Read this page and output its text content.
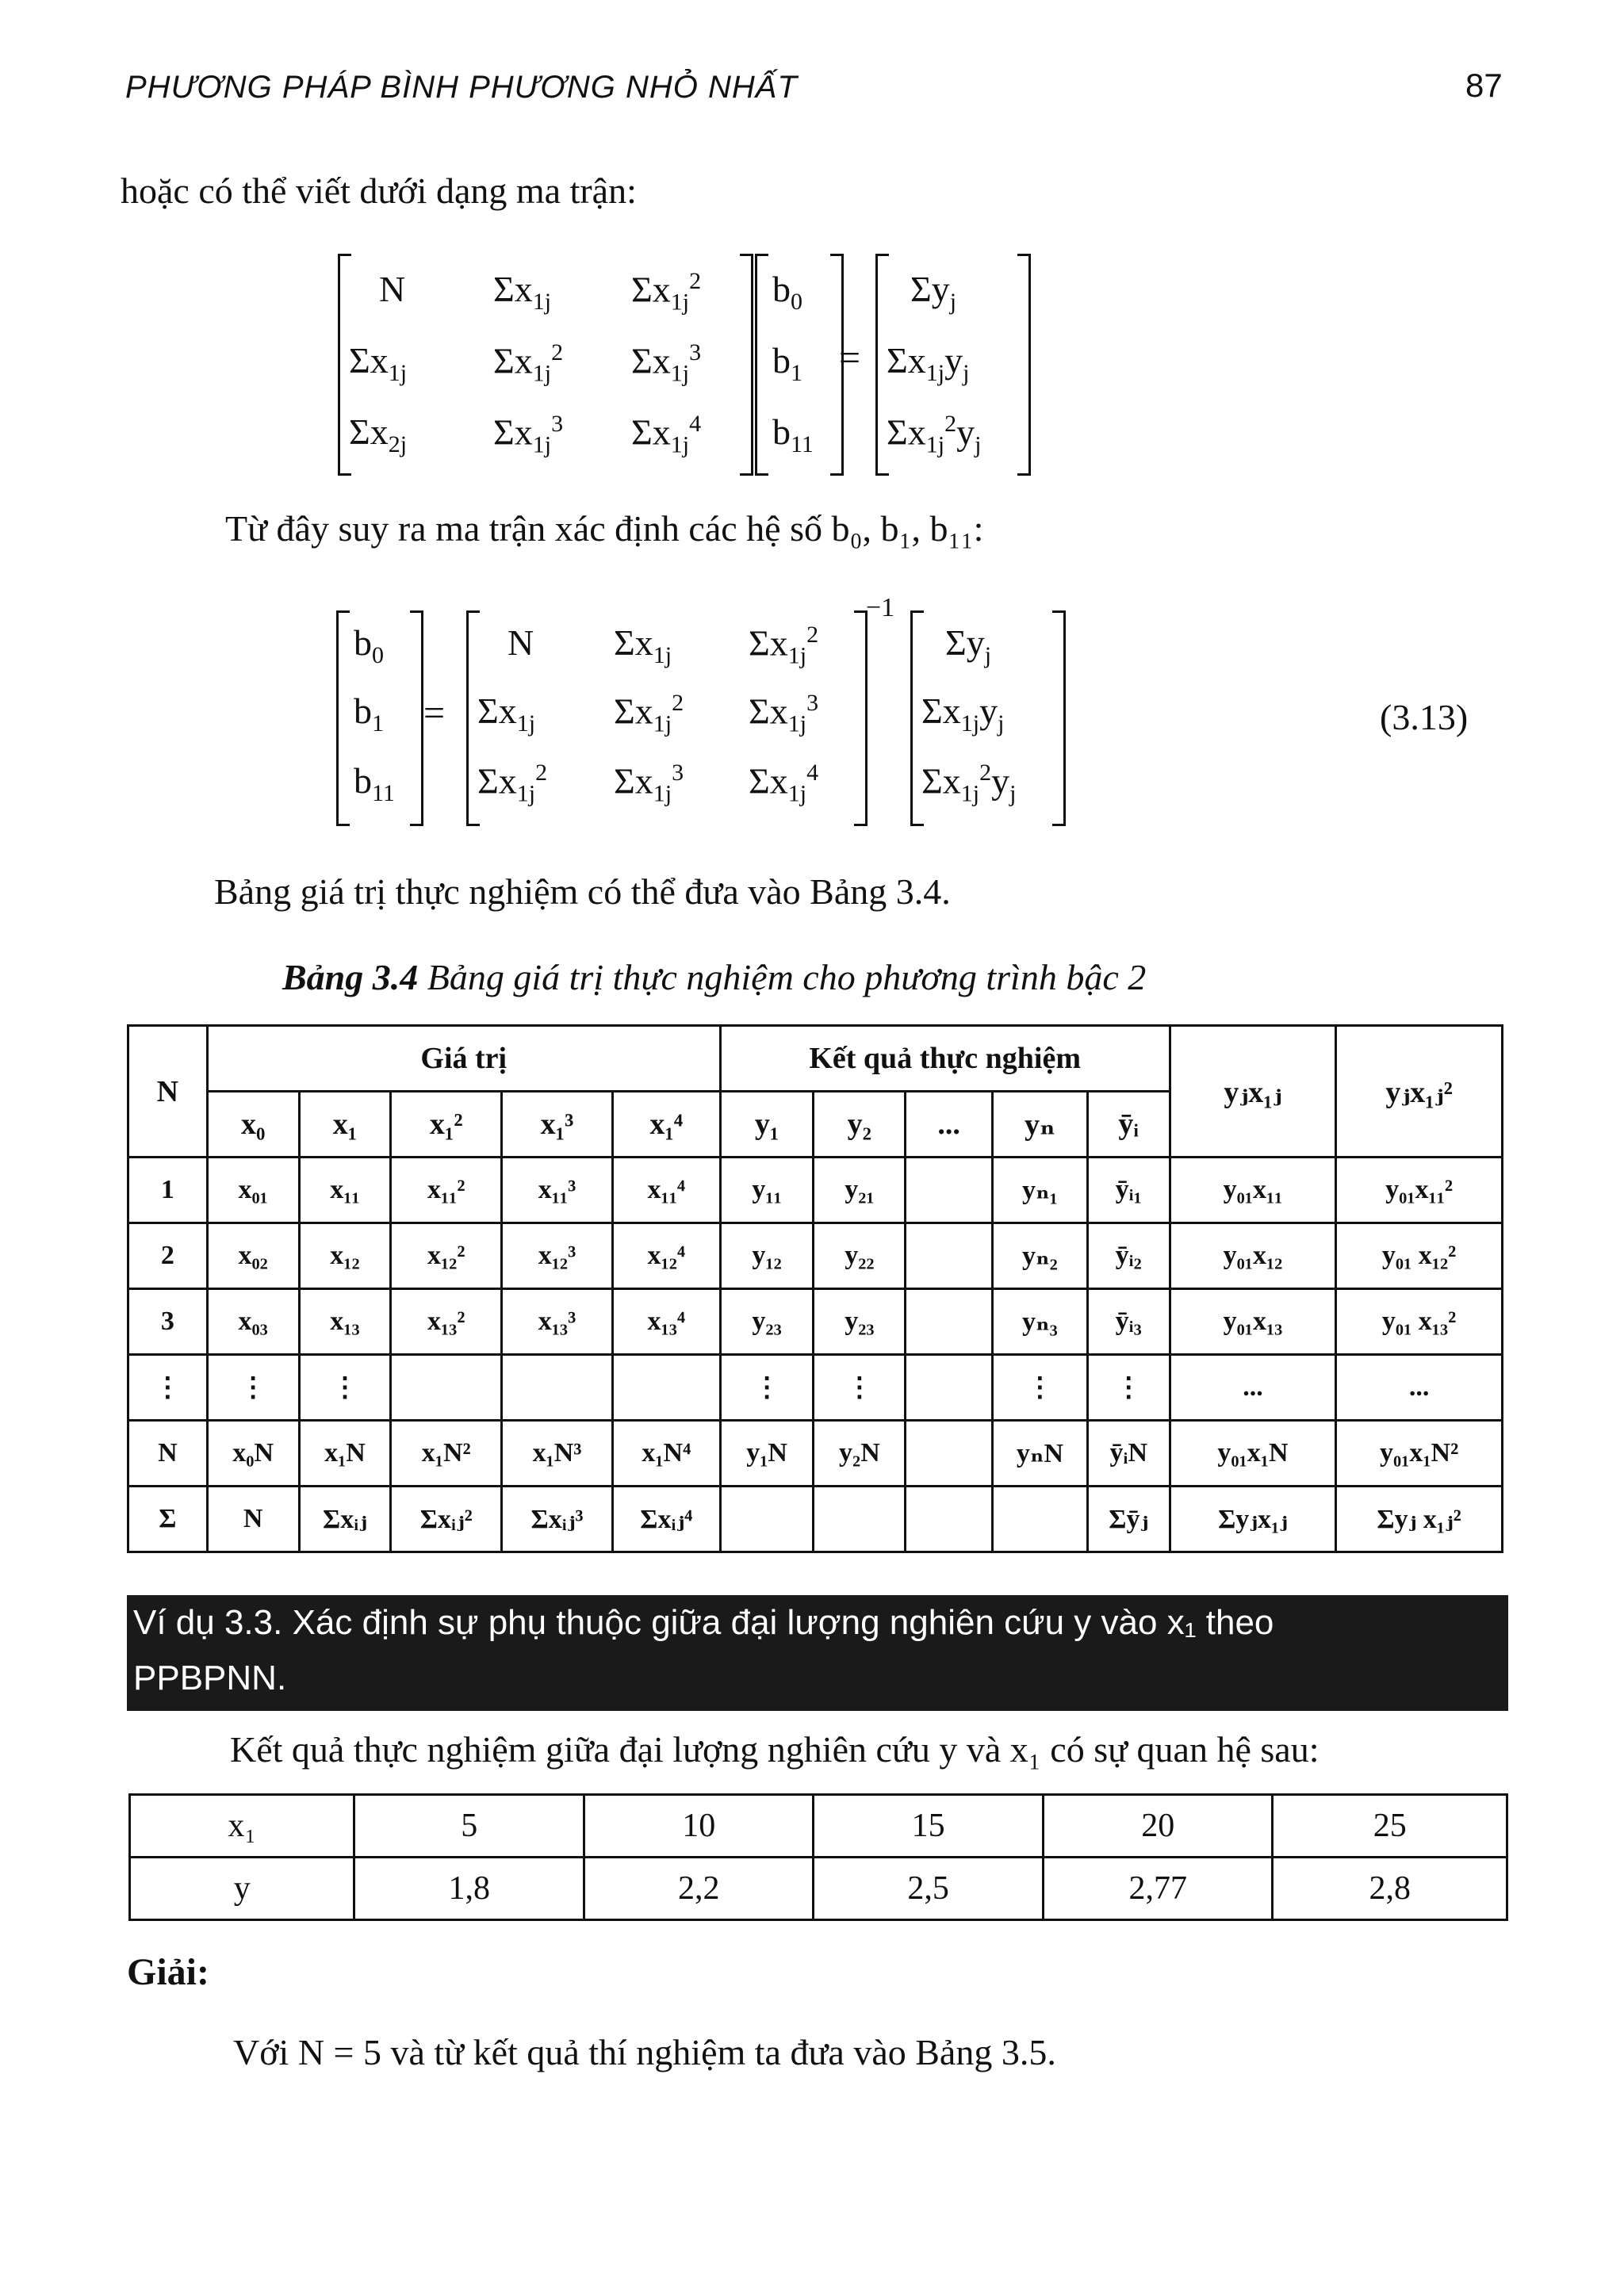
PHƯƠNG PHÁP BÌNH PHƯƠNG NHỎ NHẤT	87
hoặc có thể viết dưới dạng ma trận:
N $\Sigma x_{1j}$ $\Sigma x_{1j}^2$
$\Sigma x_{1j}$ $\Sigma x_{1j}^2$ $\Sigma x_{1j}^3$
$\Sigma x_{2j}$ $\Sigma x_{1j}^3$ $\Sigma x_{1j}^4$
$b_0$
$b_1$
$b_{11}$
=
$\Sigma y_j$
$\Sigma x_{1j}y_j$
$\Sigma x_{1j}^2y_j$
Từ đây suy ra ma trận xác định các hệ số b₀, b₁, b₁₁:
$b_0$
$b_1$
$b_{11}$
=
N $\Sigma x_{1j}$ $\Sigma x_{1j}^2$
$\Sigma x_{1j}$ $\Sigma x_{1j}^2$ $\Sigma x_{1j}^3$
$\Sigma x_{1j}^2$ $\Sigma x_{1j}^3$ $\Sigma x_{1j}^4$
−1
$\Sigma y_j$
$\Sigma x_{1j}y_j$
$\Sigma x_{1j}^2y_j$
(3.13)
Bảng giá trị thực nghiệm có thể đưa vào Bảng 3.4.
Bảng 3.4 Bảng giá trị thực nghiệm cho phương trình bậc 2
N	Giá trị					Kết quả thực nghiệm					yⱼx₁ⱼ	yⱼx₁ⱼ²
	x₀	x₁	x₁²	x₁³	x₁⁴	y₁	y₂	...	yₙ	ȳᵢ		
1	x₀₁	x₁₁	x₁₁²	x₁₁³	x₁₁⁴	y₁₁	y₂₁		yₙ₁	ȳᵢ₁	y₀₁x₁₁	y₀₁x₁₁²
2	x₀₂	x₁₂	x₁₂²	x₁₂³	x₁₂⁴	y₁₂	y₂₂		yₙ₂	ȳᵢ₂	y₀₁x₁₂	y₀₁ x₁₂²
3	x₀₃	x₁₃	x₁₃²	x₁₃³	x₁₃⁴	y₂₃	y₂₃		yₙ₃	ȳᵢ₃	y₀₁x₁₃	y₀₁ x₁₃²
⋮	⋮	⋮				⋮	⋮		⋮	⋮	...	...
N	x₀N	x₁N	x₁N²	x₁N³	x₁N⁴	y₁N	y₂N		yₙN	ȳᵢN	y₀₁x₁N	y₀₁x₁N²
Σ	N	Σxᵢⱼ	Σxᵢⱼ²	Σxᵢⱼ³	Σxᵢⱼ⁴					Σȳⱼ	Σyⱼx₁ⱼ	Σyⱼ x₁ⱼ²
Ví dụ 3.3. Xác định sự phụ thuộc giữa đại lượng nghiên cứu y vào x₁ theo
PPBPNN.
Kết quả thực nghiệm giữa đại lượng nghiên cứu y và x₁ có sự quan hệ sau:
x₁	5	10	15	20	25
y	1,8	2,2	2,5	2,77	2,8
Giải:
Với N = 5 và từ kết quả thí nghiệm ta đưa vào Bảng 3.5.
